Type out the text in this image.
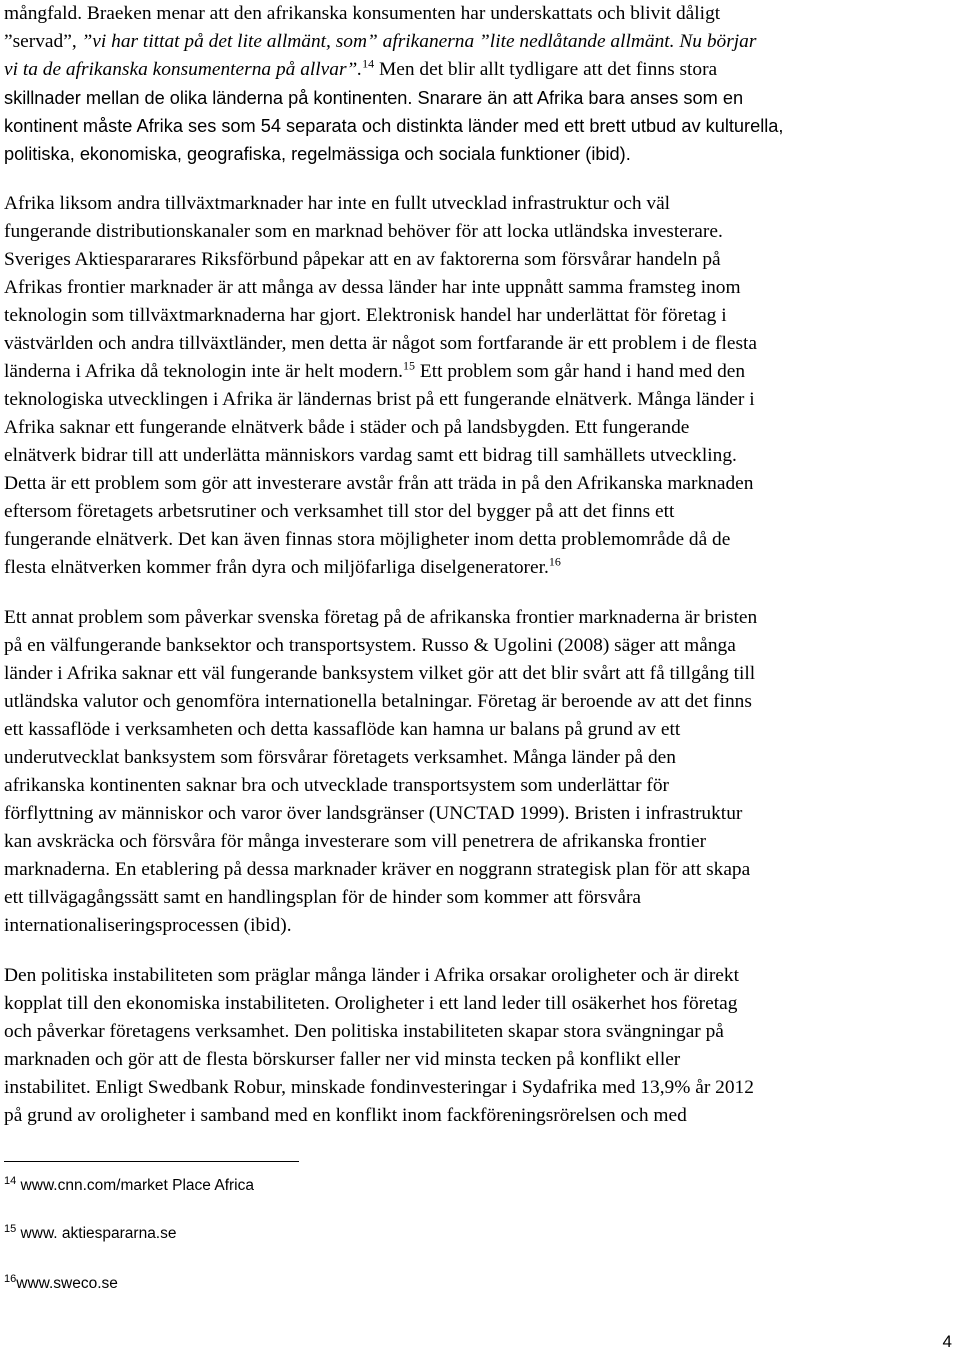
mångfald. Braeken menar att den afrikanska konsumenten har underskattats och blivit dåligt
”servad”, ”vi har tittat på det lite allmänt, som” afrikanerna ”lite nedlåtande allmänt. Nu börjar
vi ta de afrikanska konsumenterna på allvar”.$^{14}$ Men det blir allt tydligare att det finns stora
skillnader mellan de olika länderna på kontinenten. Snarare än att Afrika bara anses som en
kontinent måste Afrika ses som 54 separata och distinkta länder med ett brett utbud av kulturella,
politiska, ekonomiska, geografiska, regelmässiga och sociala funktioner (ibid).
Afrika liksom andra tillväxtmarknader har inte en fullt utvecklad infrastruktur och väl
fungerande distributionskanaler som en marknad behöver för att locka utländska investerare.
Sveriges Aktiespararares Riksförbund påpekar att en av faktorerna som försvårar handeln på
Afrikas frontier marknader är att många av dessa länder har inte uppnått samma framsteg inom
teknologin som tillväxtmarknaderna har gjort. Elektronisk handel har underlättat för företag i
västvärlden och andra tillväxtländer, men detta är något som fortfarande är ett problem i de flesta
länderna i Afrika då teknologin inte är helt modern.$^{15}$ Ett problem som går hand i hand med den
teknologiska utvecklingen i Afrika är ländernas brist på ett fungerande elnätverk. Många länder i
Afrika saknar ett fungerande elnätverk både i städer och på landsbygden. Ett fungerande
elnätverk bidrar till att underlätta människors vardag samt ett bidrag till samhällets utveckling.
Detta är ett problem som gör att investerare avstår från att träda in på den Afrikanska marknaden
eftersom företagets arbetsrutiner och verksamhet till stor del bygger på att det finns ett
fungerande elnätverk. Det kan även finnas stora möjligheter inom detta problemområde då de
flesta elnätverken kommer från dyra och miljöfarliga diselgeneratorer.$^{16}$
Ett annat problem som påverkar svenska företag på de afrikanska frontier marknaderna är bristen
på en välfungerande banksektor och transportsystem. Russo & Ugolini (2008) säger att många
länder i Afrika saknar ett väl fungerande banksystem vilket gör att det blir svårt att få tillgång till
utländska valutor och genomföra internationella betalningar. Företag är beroende av att det finns
ett kassaflöde i verksamheten och detta kassaflöde kan hamna ur balans på grund av ett
underutvecklat banksystem som försvårar företagets verksamhet. Många länder på den
afrikanska kontinenten saknar bra och utvecklade transportsystem som underlättar för
förflyttning av människor och varor över landsgränser (UNCTAD 1999). Bristen i infrastruktur
kan avskräcka och försvåra för många investerare som vill penetrera de afrikanska frontier
marknaderna. En etablering på dessa marknader kräver en noggrann strategisk plan för att skapa
ett tillvägagångssätt samt en handlingsplan för de hinder som kommer att försvåra
internationaliseringsprocessen (ibid).
Den politiska instabiliteten som präglar många länder i Afrika orsakar oroligheter och är direkt
kopplat till den ekonomiska instabiliteten. Oroligheter i ett land leder till osäkerhet hos företag
och påverkar företagens verksamhet. Den politiska instabiliteten skapar stora svängningar på
marknaden och gör att de flesta börskurser faller ner vid minsta tecken på konflikt eller
instabilitet. Enligt Swedbank Robur, minskade fondinvesteringar i Sydafrika med 13,9% år 2012
på grund av oroligheter i samband med en konflikt inom fackföreningsrörelsen och med
$^{14}$ www.cnn.com/market Place Africa
$^{15}$ www. aktiespararna.se
$^{16}$www.sweco.se
4
